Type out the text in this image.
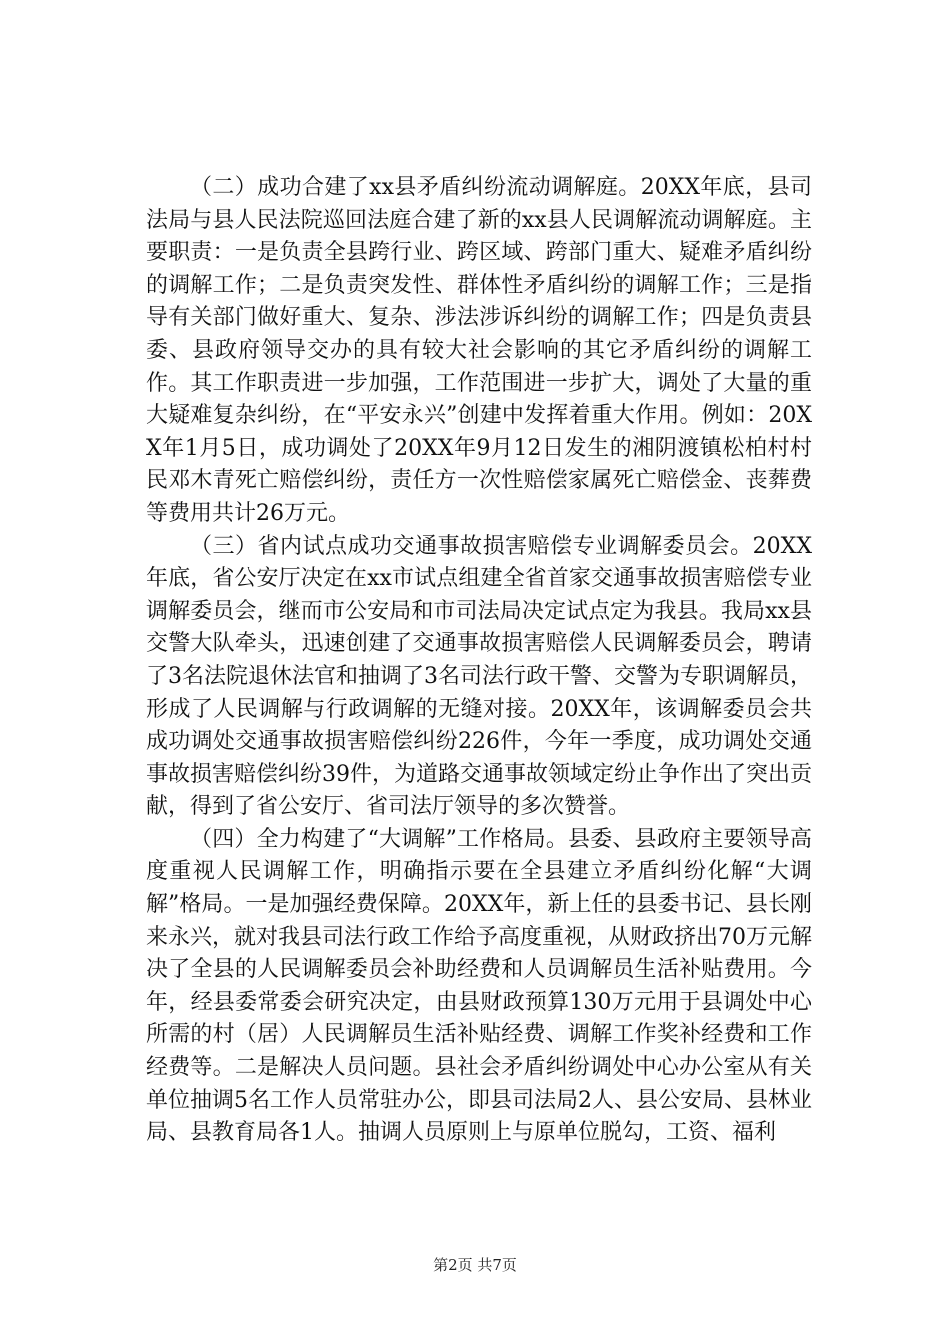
（二）成功合建了xx县矛盾纠纷流动调解庭。20XX年底，县司法局与县人民法院巡回法庭合建了新的xx县人民调解流动调解庭。主要职责：一是负责全县跨行业、跨区域、跨部门重大、疑难矛盾纠纷的调解工作；二是负责突发性、群体性矛盾纠纷的调解工作；三是指导有关部门做好重大、复杂、涉法涉诉纠纷的调解工作；四是负责县委、县政府领导交办的具有较大社会影响的其它矛盾纠纷的调解工作。其工作职责进一步加强，工作范围进一步扩大，调处了大量的重大疑难复杂纠纷，在“平安永兴”创建中发挥着重大作用。例如：20XX年1月5日，成功调处了20XX年9月12日发生的湘阴渡镇松柏村村民邓木青死亡赔偿纠纷，责任方一次性赔偿家属死亡赔偿金、丧葬费等费用共计26万元。

（三）省内试点成功交通事故损害赔偿专业调解委员会。20XX年底，省公安厅决定在xx市试点组建全省首家交通事故损害赔偿专业调解委员会，继而市公安局和市司法局决定试点定为我县。我局xx县交警大队牵头，迅速创建了交通事故损害赔偿人民调解委员会，聘请了3名法院退休法官和抽调了3名司法行政干警、交警为专职调解员，形成了人民调解与行政调解的无缝对接。20XX年，该调解委员会共成功调处交通事故损害赔偿纠纷226件，今年一季度，成功调处交通事故损害赔偿纠纷39件，为道路交通事故领域定纷止争作出了突出贡献，得到了省公安厅、省司法厅领导的多次赞誉。

（四）全力构建了“大调解”工作格局。县委、县政府主要领导高度重视人民调解工作，明确指示要在全县建立矛盾纠纷化解“大调解”格局。一是加强经费保障。20XX年，新上任的县委书记、县长刚来永兴，就对我县司法行政工作给予高度重视，从财政挤出70万元解决了全县的人民调解委员会补助经费和人员调解员生活补贴费用。今年，经县委常委会研究决定，由县财政预算130万元用于县调处中心所需的村（居）人民调解员生活补贴经费、调解工作奖补经费和工作经费等。二是解决人员问题。县社会矛盾纠纷调处中心办公室从有关单位抽调5名工作人员常驻办公，即县司法局2人、县公安局、县林业局、县教育局各1人。抽调人员原则上与原单位脱勾，工资、福利

第2页 共7页
